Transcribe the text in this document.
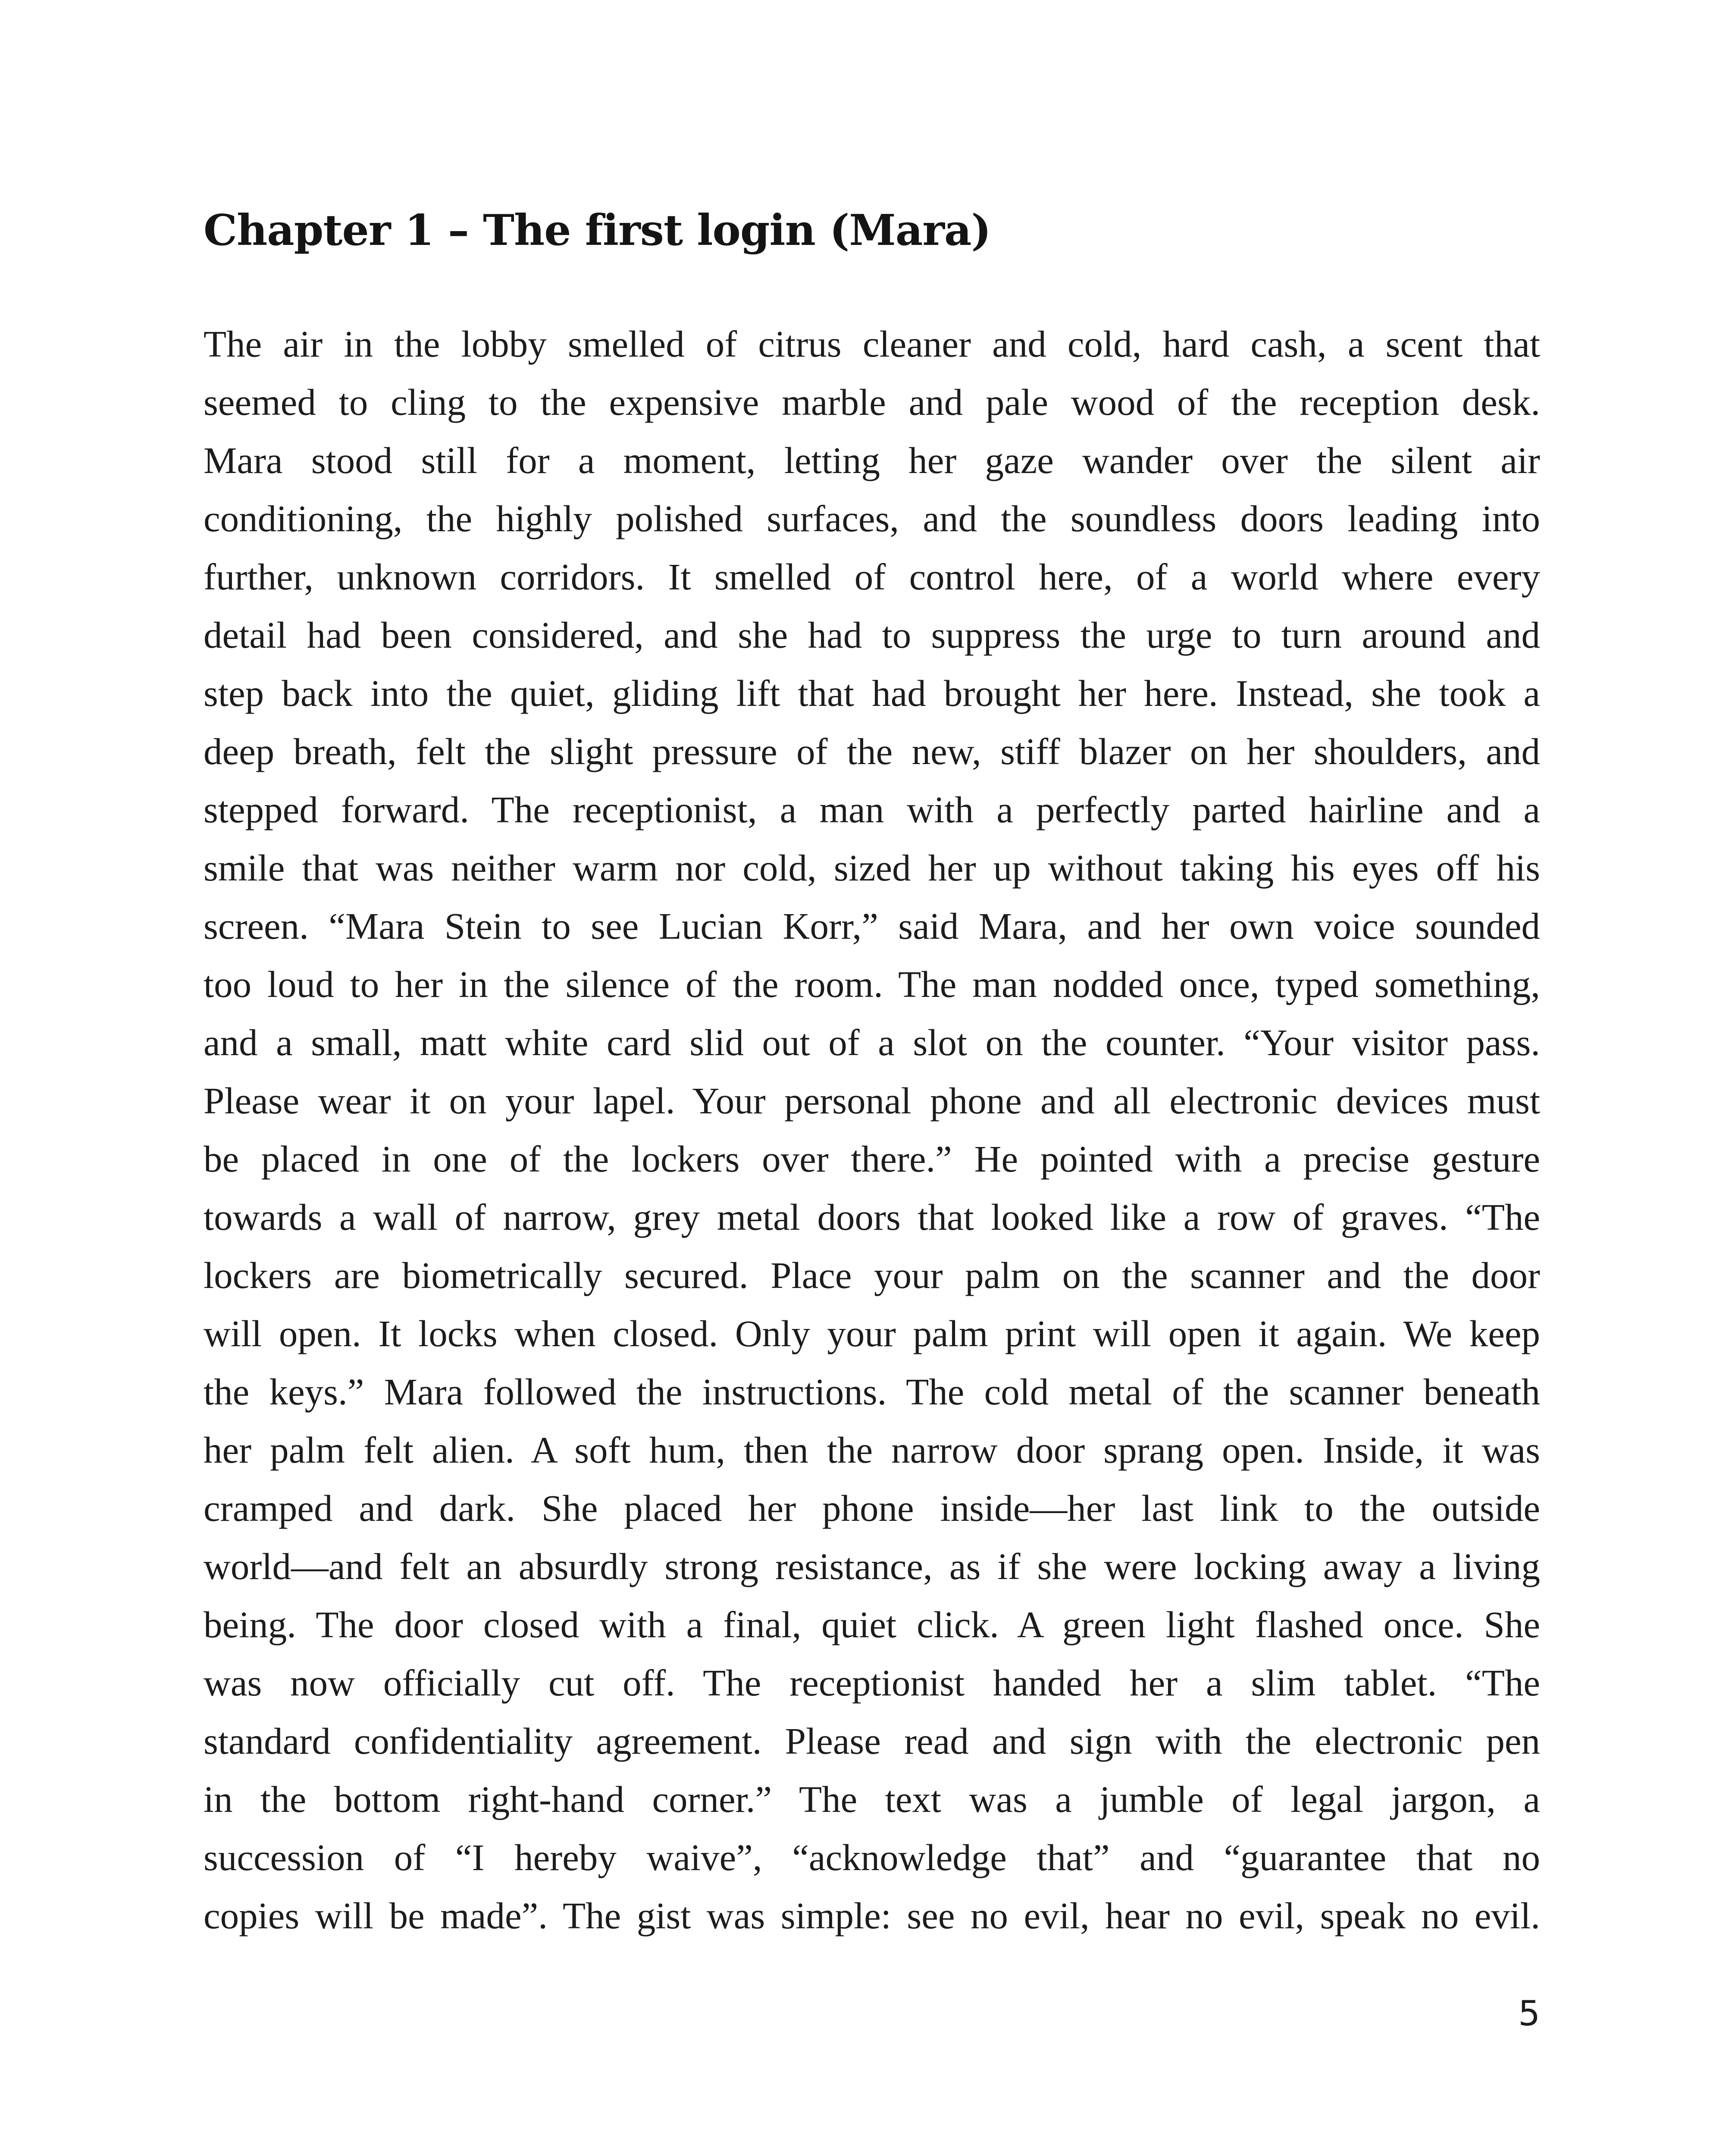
Chapter 1 – The first login (Mara)
The air in the lobby smelled of citrus cleaner and cold, hard cash, a scent that
seemed to cling to the expensive marble and pale wood of the reception desk.
Mara stood still for a moment, letting her gaze wander over the silent air
conditioning, the highly polished surfaces, and the soundless doors leading into
further, unknown corridors. It smelled of control here, of a world where every
detail had been considered, and she had to suppress the urge to turn around and
step back into the quiet, gliding lift that had brought her here. Instead, she took a
deep breath, felt the slight pressure of the new, stiff blazer on her shoulders, and
stepped forward. The receptionist, a man with a perfectly parted hairline and a
smile that was neither warm nor cold, sized her up without taking his eyes off his
screen. “Mara Stein to see Lucian Korr,” said Mara, and her own voice sounded
too loud to her in the silence of the room. The man nodded once, typed something,
and a small, matt white card slid out of a slot on the counter. “Your visitor pass.
Please wear it on your lapel. Your personal phone and all electronic devices must
be placed in one of the lockers over there.” He pointed with a precise gesture
towards a wall of narrow, grey metal doors that looked like a row of graves. “The
lockers are biometrically secured. Place your palm on the scanner and the door
will open. It locks when closed. Only your palm print will open it again. We keep
the keys.” Mara followed the instructions. The cold metal of the scanner beneath
her palm felt alien. A soft hum, then the narrow door sprang open. Inside, it was
cramped and dark. She placed her phone inside—her last link to the outside
world—and felt an absurdly strong resistance, as if she were locking away a living
being. The door closed with a final, quiet click. A green light flashed once. She
was now officially cut off. The receptionist handed her a slim tablet. “The
standard confidentiality agreement. Please read and sign with the electronic pen
in the bottom right-hand corner.” The text was a jumble of legal jargon, a
succession of “I hereby waive”, “acknowledge that” and “guarantee that no
copies will be made”. The gist was simple: see no evil, hear no evil, speak no evil.
5
